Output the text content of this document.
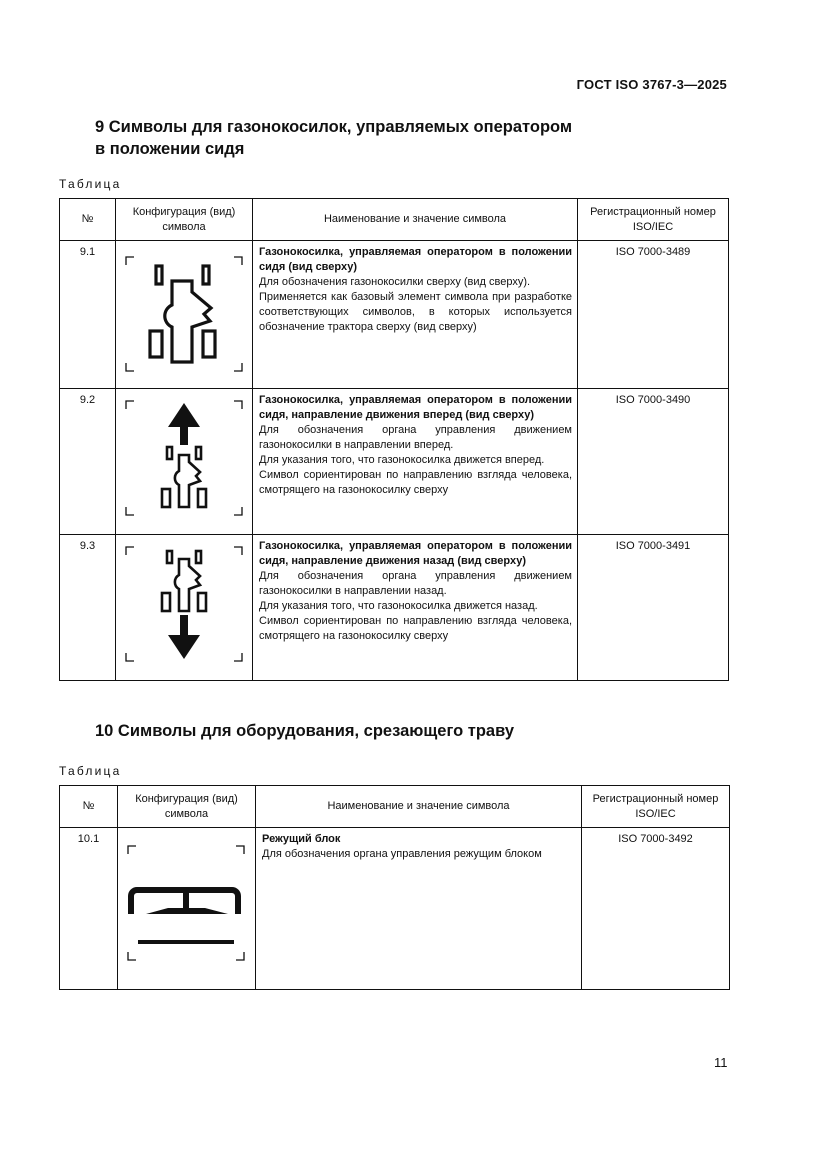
ГОСТ ISO 3767-3—2025
9 Символы для газонокосилок, управляемых оператором
в положении сидя
Таблица
№	Конфигурация (вид) символа	Наименование и значение символа	Регистрационный номер ISO/IEC
9.1		Газонокосилка, управляемая оператором в положении сидя (вид сверху)
Для обозначения газонокосилки сверху (вид сверху).
Применяется как базовый элемент символа при разработке соответствующих символов, в которых используется обозначение трактора сверху (вид сверху)	ISO 7000-3489
9.2		Газонокосилка, управляемая оператором в положении сидя, направление движения вперед (вид сверху)
Для обозначения органа управления движением газонокосилки в направлении вперед.
Для указания того, что газонокосилка движется вперед.
Символ сориентирован по направлению взгляда человека, смотрящего на газонокосилку сверху	ISO 7000-3490
9.3		Газонокосилка, управляемая оператором в положении сидя, направление движения назад (вид сверху)
Для обозначения органа управления движением газонокосилки в направлении назад.
Для указания того, что газонокосилка движется назад.
Символ сориентирован по направлению взгляда человека, смотрящего на газонокосилку сверху	ISO 7000-3491
10 Символы для оборудования, срезающего траву
Таблица
№	Конфигурация (вид) символа	Наименование и значение символа	Регистрационный номер ISO/IEC
10.1		Режущий блок
Для обозначения органа управления режущим блоком	ISO 7000-3492
11
